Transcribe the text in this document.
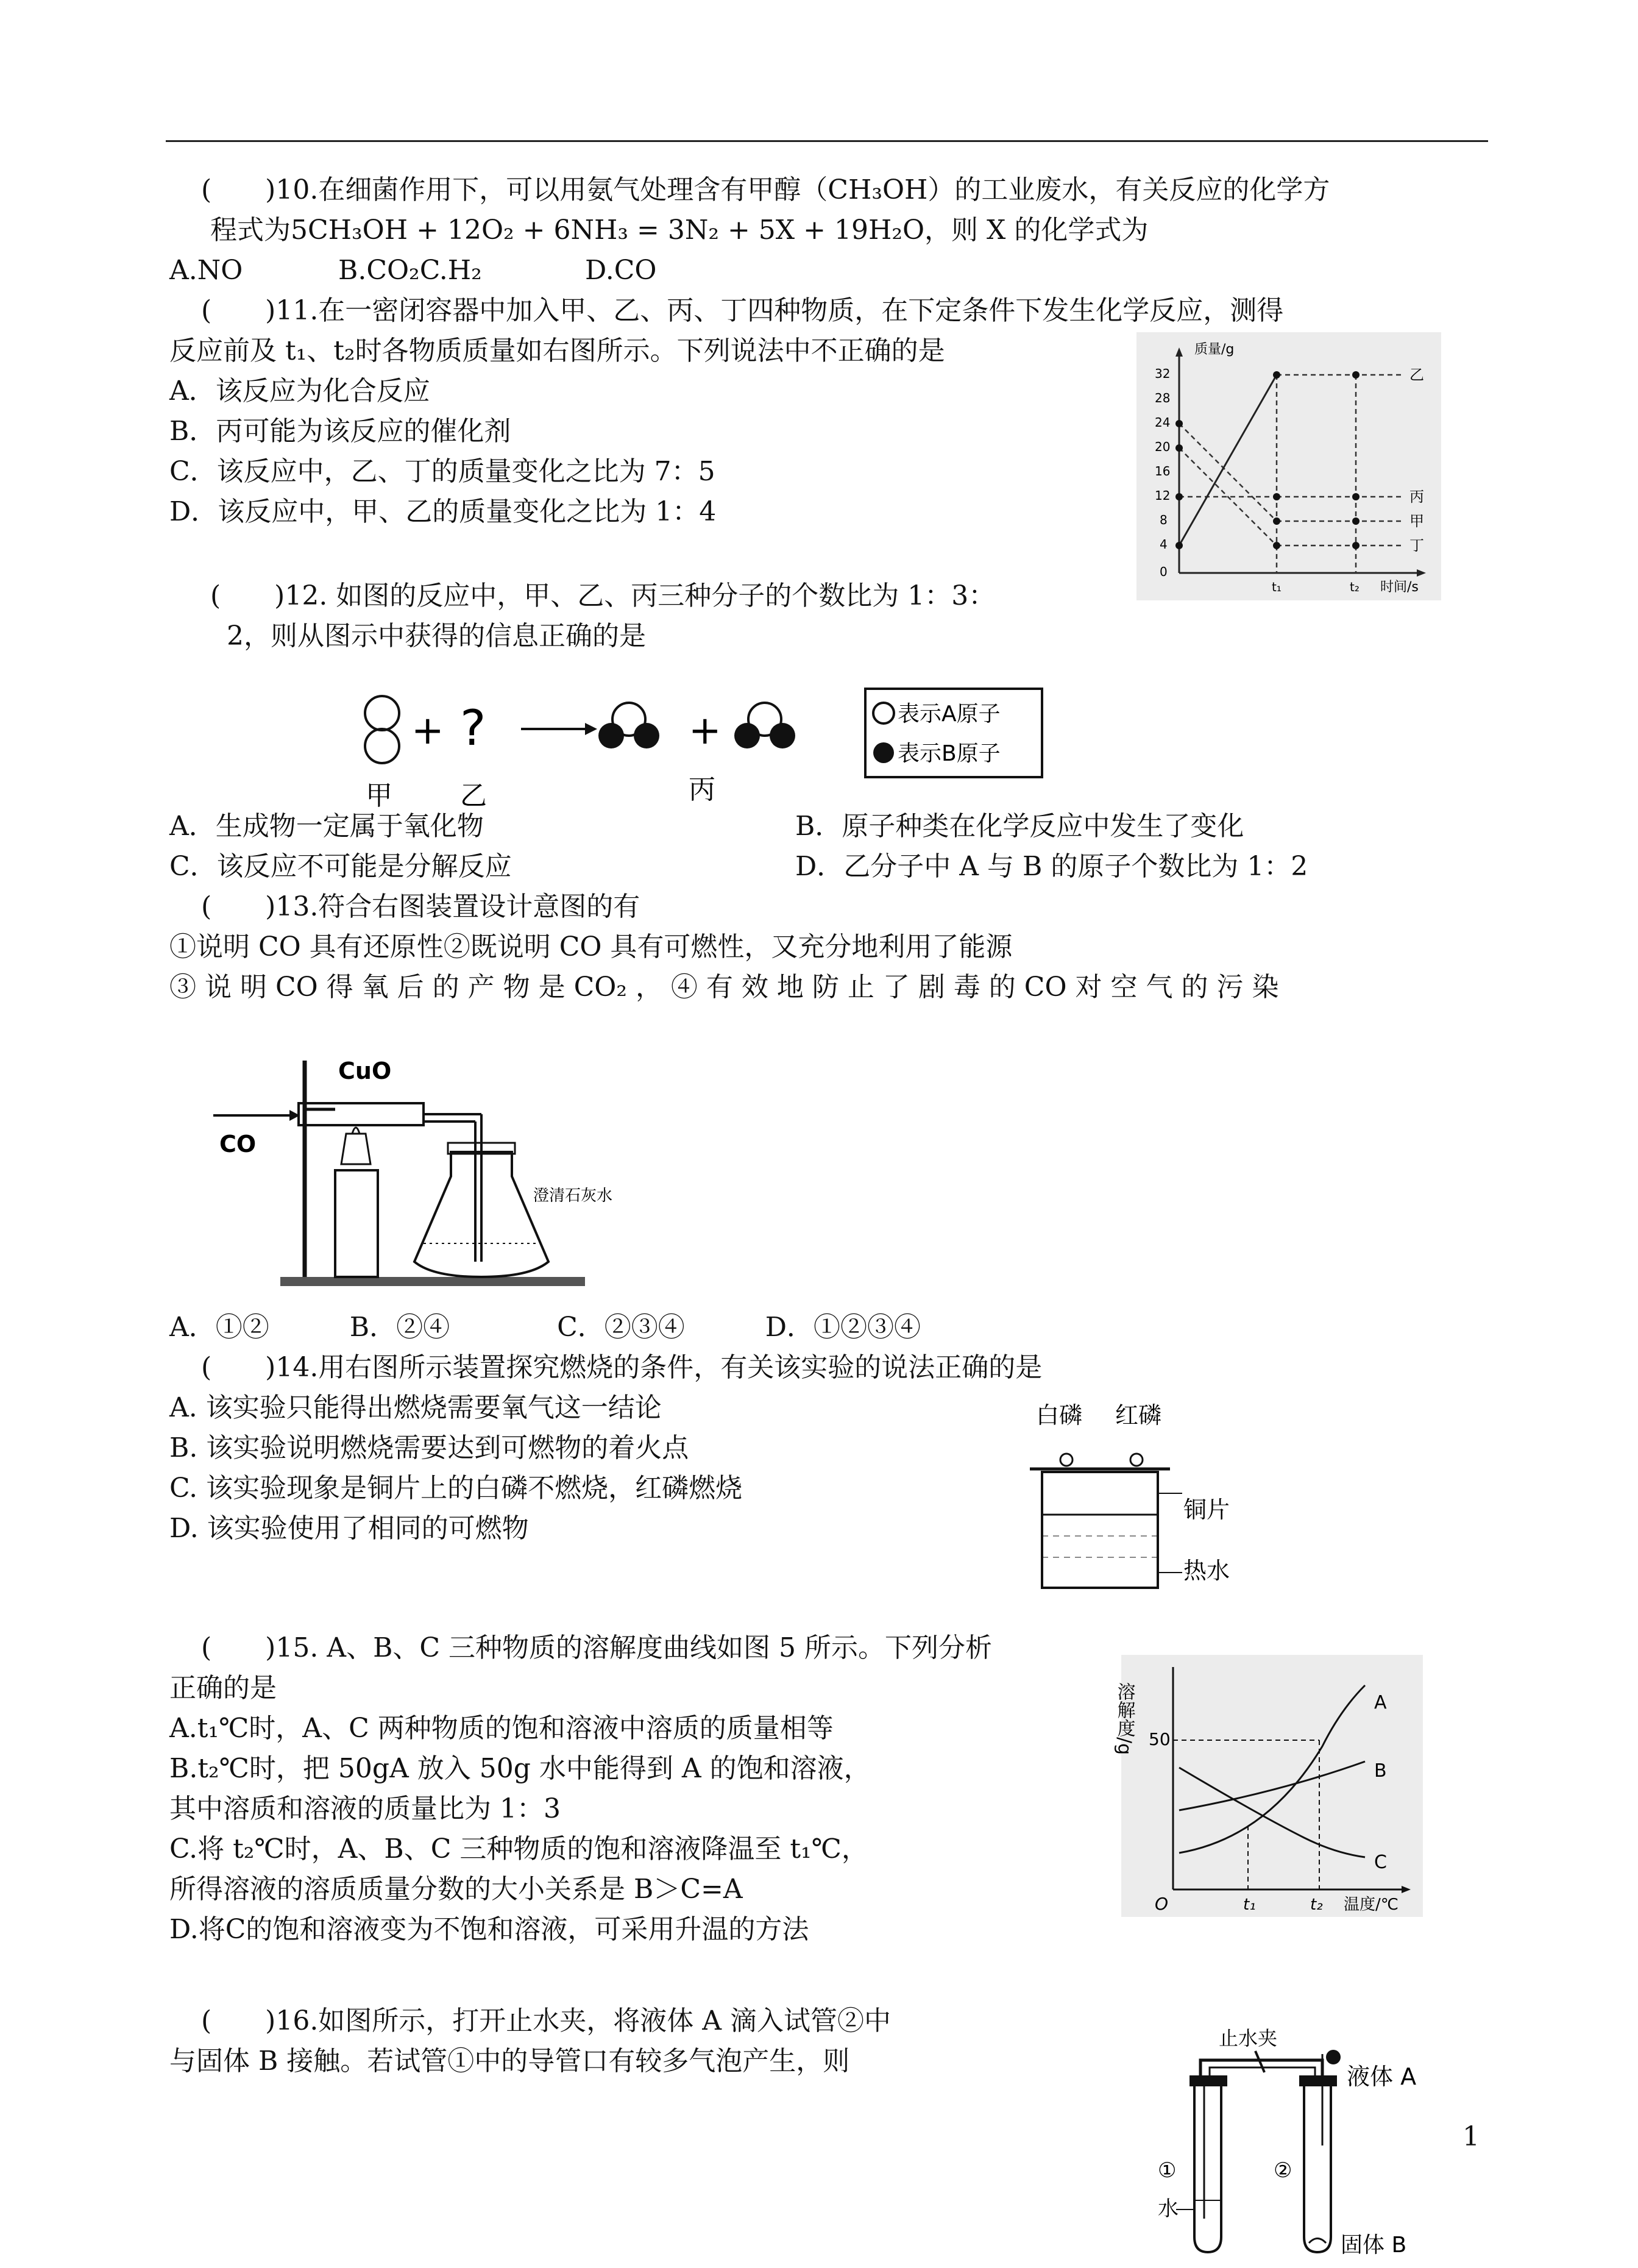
(　　)10.在细菌作用下，可以用氨气处理含有甲醇（CH₃OH）的工业废水，有关反应的化学方
程式为5CH₃OH + 12O₂ + 6NH₃ = 3N₂ + 5X + 19H₂O，则 X 的化学式为
A.NO	B.CO₂C.H₂	D.CO
(　　)11.在一密闭容器中加入甲、乙、丙、丁四种物质，在下定条件下发生化学反应，测得
反应前及 t₁、t₂时各物质质量如右图所示。下列说法中不正确的是
A．该反应为化合反应
B．丙可能为该反应的催化剂
C．该反应中，乙、丁的质量变化之比为 7：5
D．该反应中，甲、乙的质量变化之比为 1：4
质量/g
时间/s
32
28
24
20
16
12
8
4
0
t₁	t₂
乙
丙
甲
丁
(　　)12. 如图的反应中，甲、乙、丙三种分子的个数比为 1：3：
2，则从图示中获得的信息正确的是
+ ?	+
甲	乙	丙
表示A原子
表示B原子
A．生成物一定属于氧化物	B．原子种类在化学反应中发生了变化
C．该反应不可能是分解反应	D．乙分子中 A 与 B 的原子个数比为 1：2
(　　)13.符合右图装置设计意图的有
①说明 CO 具有还原性②既说明 CO 具有可燃性，又充分地利用了能源
③ 说 明 CO 得 氧 后 的 产 物 是 CO₂ ， ④ 有 效 地 防 止 了 剧 毒 的 CO 对 空 气 的 污 染
CuO
CO
澄清石灰水
A．①②　　　B．②④　　　　C．②③④　　　D．①②③④
(　　)14.用右图所示装置探究燃烧的条件，有关该实验的说法正确的是
A. 该实验只能得出燃烧需要氧气这一结论
B. 该实验说明燃烧需要达到可燃物的着火点
C. 该实验现象是铜片上的白磷不燃烧，红磷燃烧
D. 该实验使用了相同的可燃物
白磷 红磷
铜片
热水
(　　)15. A、B、C 三种物质的溶解度曲线如图 5 所示。下列分析
正确的是
A.t₁℃时，A、C 两种物质的饱和溶液中溶质的质量相等
B.t₂℃时，把 50gA 放入 50g 水中能得到 A 的饱和溶液，
其中溶质和溶液的质量比为 1：3
C.将 t₂℃时，A、B、C 三种物质的饱和溶液降温至 t₁℃，
所得溶液的溶质质量分数的大小关系是 B＞C=A
D.将C的饱和溶液变为不饱和溶液，可采用升温的方法
溶解度/g 50
O	t₁	t₂ 温度/℃
A
B
C
(　　)16.如图所示，打开止水夹，将液体 A 滴入试管②中
与固体 B 接触。若试管①中的导管口有较多气泡产生，则
止水夹
液体 A
①	②
水
固体 B
1
